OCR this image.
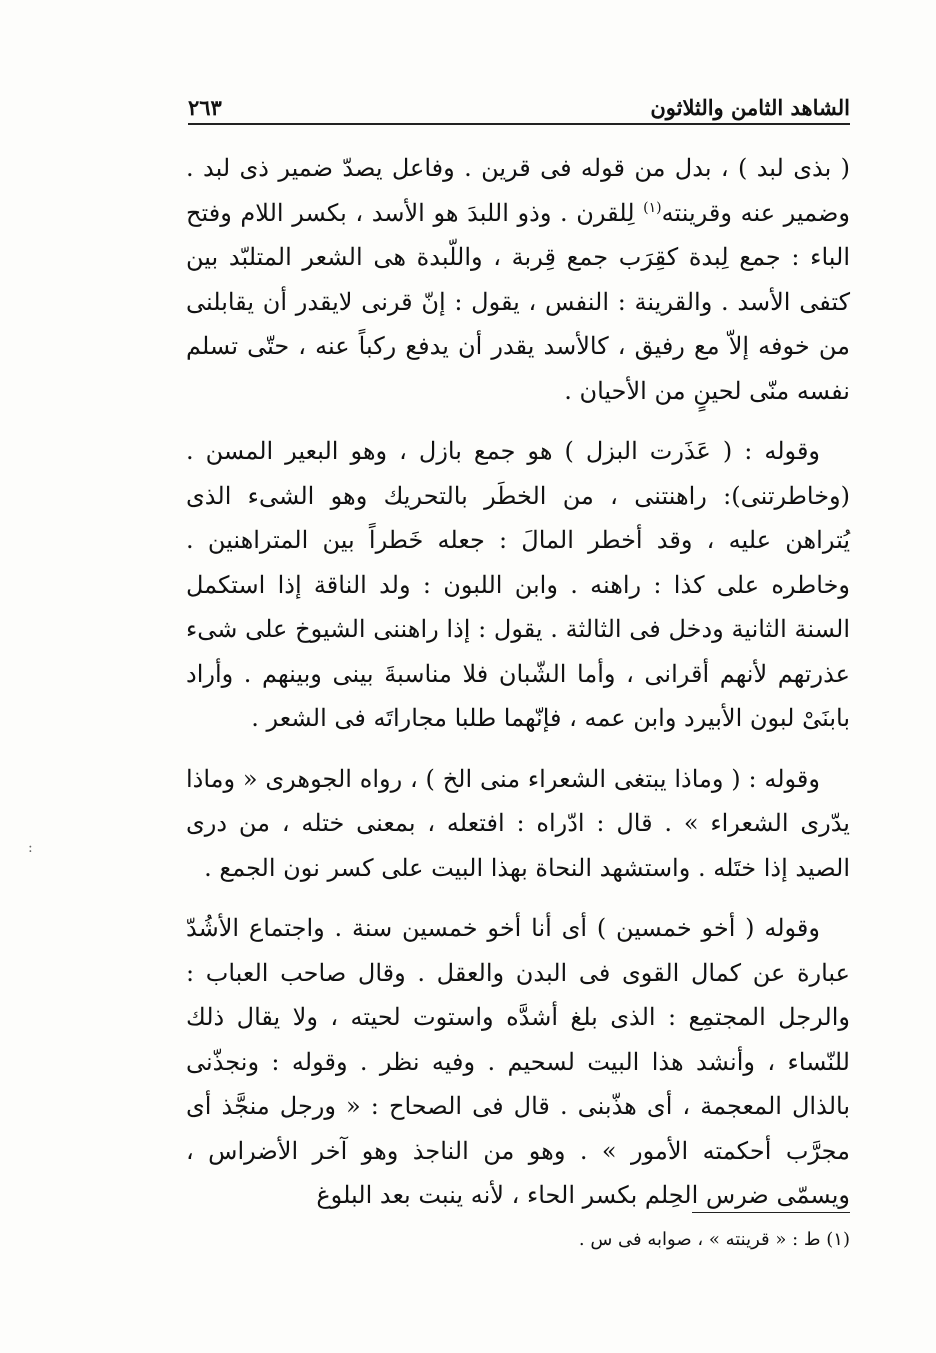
الشاهد الثامن والثلاثون
٢٦٣

( بذى لبد ) ، بدل من قوله فى قرين . وفاعل يصدّ ضمير ذى لبد . وضمير عنه وقرينته$^{(١)}$ لِلقرن . وذو اللبدَ هو الأسد ، بكسر اللام وفتح الباء : جمع لِبدة كقِرَب جمع قِربة ، واللّبدة هى الشعر المتلبّد بين كتفى الأسد . والقرينة : النفس ، يقول : إنّ قرنى لايقدر أن يقابلنى من خوفه إلاّ مع رفيق ، كالأسد يقدر أن يدفع ركباً عنه ، حتّى تسلم نفسه منّى لحينٍ من الأحيان .

وقوله : ( عَذَرت البزل ) هو جمع بازل ، وهو البعير المسن . (وخاطرتنى): راهنتنى ، من الخطَر بالتحريك وهو الشىء الذى يُتراهن عليه ، وقد أخطر المالَ : جعله خَطراً بين المتراهنين . وخاطره على كذا : راهنه . وابن اللبون : ولد الناقة إذا استكمل السنة الثانية ودخل فى الثالثة . يقول : إذا راهننى الشيوخ على شىء عذرتهم لأنهم أقرانى ، وأما الشّبان فلا مناسبةَ بينى وبينهم . وأراد بابنَىْ لبون الأبيرد وابن عمه ، فإنّهما طلبا مجاراتَه فى الشعر .

وقوله : ( وماذا يبتغى الشعراء منى الخ ) ، رواه الجوهرى « وماذا يدّرى الشعراء » . قال : ادّراه : افتعله ، بمعنى ختله ، من درى الصيد إذا ختَله . واستشهد النحاة بهذا البيت على كسر نون الجمع .

وقوله ( أخو خمسين ) أى أنا أخو خمسين سنة . واجتماع الأشُدّ عبارة عن كمال القوى فى البدن والعقل . وقال صاحب العباب : والرجل المجتمِع : الذى بلغ أشدَّه واستوت لحيته ، ولا يقال ذلك للنّساء ، وأنشد هذا البيت لسحيم . وفيه نظر . وقوله : ونجذّنى بالذال المعجمة ، أى هذّبنى . قال فى الصحاح : « ورجل منجَّذ أى مجرَّب أحكمته الأمور » . وهو من الناجذ وهو آخر الأضراس ، ويسمّى ضرس الحِلم بكسر الحاء ، لأنه ينبت بعد البلوغ

(١) ط : « قرينته » ، صوابه فى س .
:
